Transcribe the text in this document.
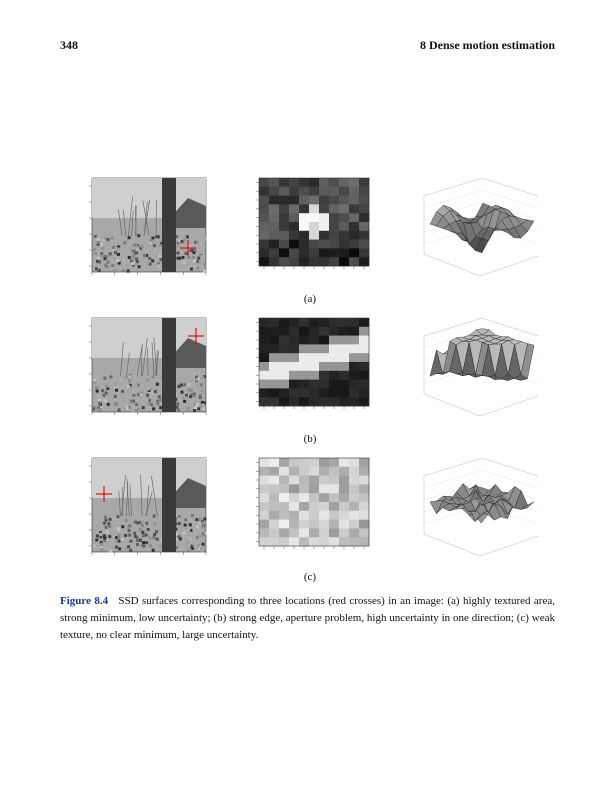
348	8 Dense motion estimation
(a)
(b)
(c)
Figure 8.4 SSD surfaces corresponding to three locations (red crosses) in an image: (a) highly textured area, strong minimum, low uncertainty; (b) strong edge, aperture problem, high uncertainty in one direction; (c) weak texture, no clear minimum, large uncertainty.
